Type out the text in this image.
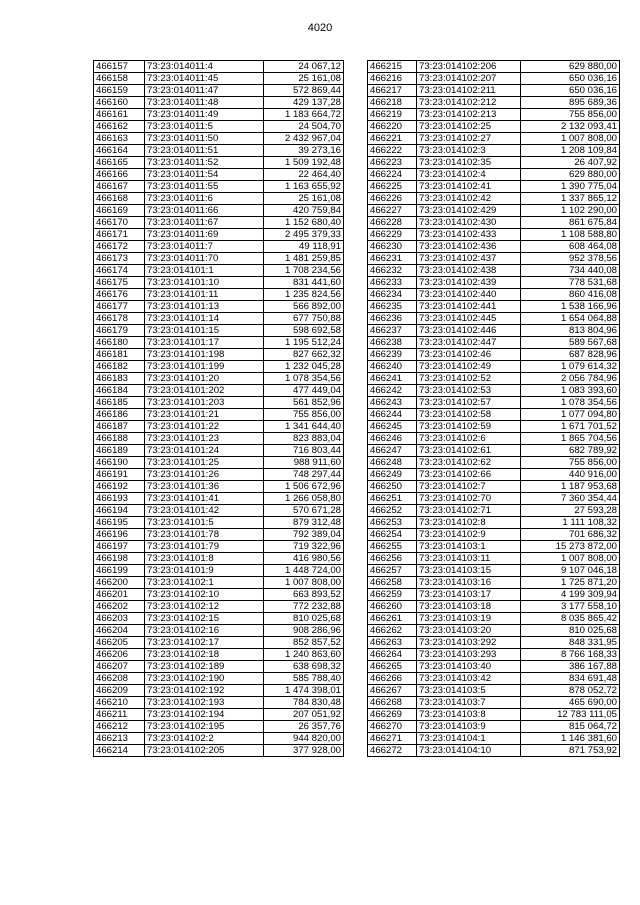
4020
466157	73:23:014011:4	24 067,12
466158	73:23:014011:45	25 161,08
466159	73:23:014011:47	572 869,44
466160	73:23:014011:48	429 137,28
466161	73:23:014011:49	1 183 664,72
466162	73:23:014011:5	24 504,70
466163	73:23:014011:50	2 432 967,04
466164	73:23:014011:51	39 273,16
466165	73:23:014011:52	1 509 192,48
466166	73:23:014011:54	22 464,40
466167	73:23:014011:55	1 163 655,92
466168	73:23:014011:6	25 161,08
466169	73:23:014011:66	420 759,84
466170	73:23:014011:67	1 152 680,40
466171	73:23:014011:69	2 495 379,33
466172	73:23:014011:7	49 118,91
466173	73:23:014011:70	1 481 259,85
466174	73:23:014101:1	1 708 234,56
466175	73:23:014101:10	831 441,60
466176	73:23:014101:11	1 235 824,56
466177	73:23:014101:13	566 892,00
466178	73:23:014101:14	677 750,88
466179	73:23:014101:15	598 692,58
466180	73:23:014101:17	1 195 512,24
466181	73:23:014101:198	827 662,32
466182	73:23:014101:199	1 232 045,28
466183	73:23:014101:20	1 078 354,56
466184	73:23:014101:202	477 449,04
466185	73:23:014101:203	561 852,96
466186	73:23:014101:21	755 856,00
466187	73:23:014101:22	1 341 644,40
466188	73:23:014101:23	823 883,04
466189	73:23:014101:24	716 803,44
466190	73:23:014101:25	988 911,60
466191	73:23:014101:26	748 297,44
466192	73:23:014101:36	1 506 672,96
466193	73:23:014101:41	1 266 058,80
466194	73:23:014101:42	570 671,28
466195	73:23:014101:5	879 312,48
466196	73:23:014101:78	792 389,04
466197	73:23:014101:79	719 322,96
466198	73:23:014101:8	416 980,56
466199	73:23:014101:9	1 448 724,00
466200	73:23:014102:1	1 007 808,00
466201	73:23:014102:10	663 893,52
466202	73:23:014102:12	772 232,88
466203	73:23:014102:15	810 025,68
466204	73:23:014102:16	908 286,96
466205	73:23:014102:17	852 857,52
466206	73:23:014102:18	1 240 863,60
466207	73:23:014102:189	638 698,32
466208	73:23:014102:190	585 788,40
466209	73:23:014102:192	1 474 398,01
466210	73:23:014102:193	784 830,48
466211	73:23:014102:194	207 051,92
466212	73:23:014102:195	26 357,76
466213	73:23:014102:2	944 820,00
466214	73:23:014102:205	377 928,00
466215	73:23:014102:206	629 880,00
466216	73:23:014102:207	650 036,16
466217	73:23:014102:211	650 036,16
466218	73:23:014102:212	895 689,36
466219	73:23:014102:213	755 856,00
466220	73:23:014102:25	2 132 093,41
466221	73:23:014102:27	1 007 808,00
466222	73:23:014102:3	1 208 109,84
466223	73:23:014102:35	26 407,92
466224	73:23:014102:4	629 880,00
466225	73:23:014102:41	1 390 775,04
466226	73:23:014102:42	1 337 865,12
466227	73:23:014102:429	1 102 290,00
466228	73:23:014102:430	861 675,84
466229	73:23:014102:433	1 108 588,80
466230	73:23:014102:436	608 464,08
466231	73:23:014102:437	952 378,56
466232	73:23:014102:438	734 440,08
466233	73:23:014102:439	778 531,68
466234	73:23:014102:440	860 416,08
466235	73:23:014102:441	1 538 166,96
466236	73:23:014102:445	1 654 064,88
466237	73:23:014102:446	813 804,96
466238	73:23:014102:447	589 567,68
466239	73:23:014102:46	687 828,96
466240	73:23:014102:49	1 079 614,32
466241	73:23:014102:52	2 056 784,96
466242	73:23:014102:53	1 083 393,60
466243	73:23:014102:57	1 078 354,56
466244	73:23:014102:58	1 077 094,80
466245	73:23:014102:59	1 671 701,52
466246	73:23:014102:6	1 865 704,56
466247	73:23:014102:61	682 789,92
466248	73:23:014102:62	755 856,00
466249	73:23:014102:66	440 916,00
466250	73:23:014102:7	1 187 953,68
466251	73:23:014102:70	7 360 354,44
466252	73:23:014102:71	27 593,28
466253	73:23:014102:8	1 111 108,32
466254	73:23:014102:9	701 686,32
466255	73:23:014103:1	15 273 872,00
466256	73:23:014103:11	1 007 808,00
466257	73:23:014103:15	9 107 046,18
466258	73:23:014103:16	1 725 871,20
466259	73:23:014103:17	4 199 309,94
466260	73:23:014103:18	3 177 558,10
466261	73:23:014103:19	8 035 865,42
466262	73:23:014103:20	810 025,68
466263	73:23:014103:292	848 331,95
466264	73:23:014103:293	8 766 168,33
466265	73:23:014103:40	386 167,88
466266	73:23:014103:42	834 691,48
466267	73:23:014103:5	878 052,72
466268	73:23:014103:7	465 690,00
466269	73:23:014103:8	12 783 111,05
466270	73:23:014103:9	815 064,72
466271	73:23:014104:1	1 146 381,60
466272	73:23:014104:10	871 753,92
